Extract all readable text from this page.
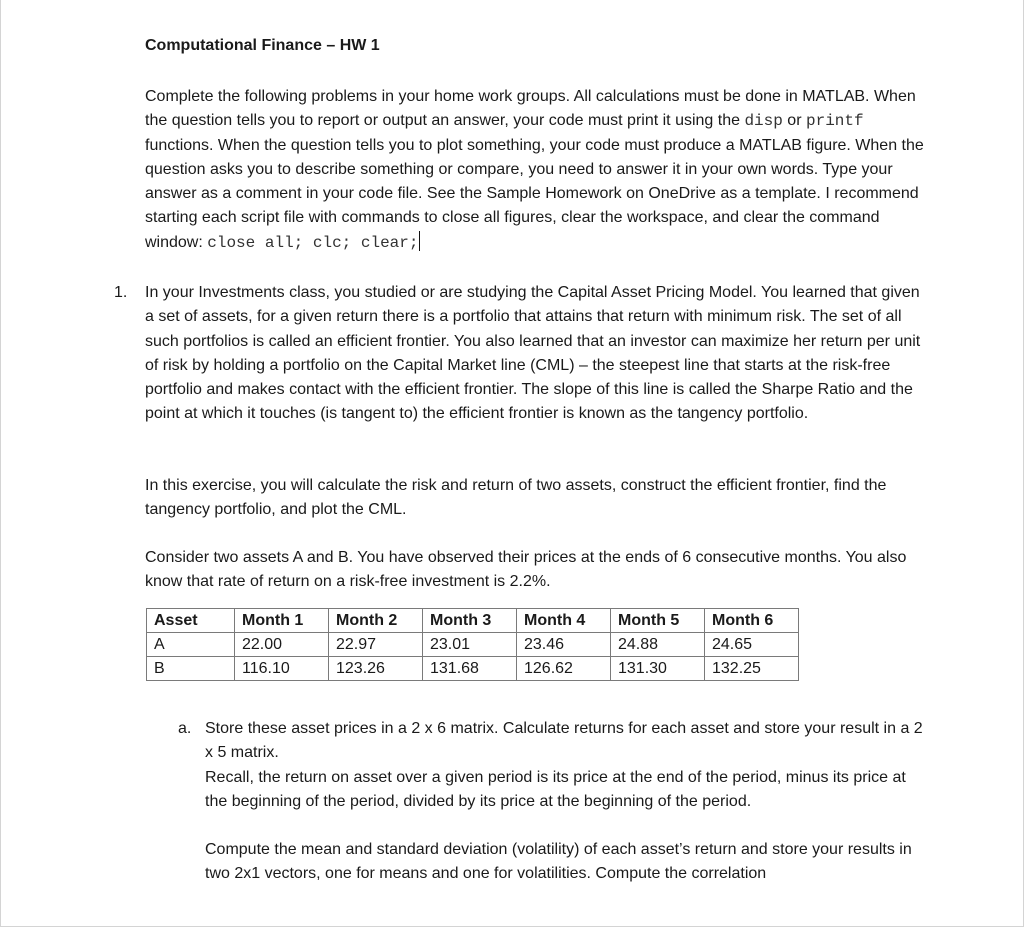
Computational Finance – HW 1

Complete the following problems in your home work groups. All calculations must be done in MATLAB. When the question tells you to report or output an answer, your code must print it using the disp or printf functions. When the question tells you to plot something, your code must produce a MATLAB figure. When the question asks you to describe something or compare, you need to answer it in your own words. Type your answer as a comment in your code file. See the Sample Homework on OneDrive as a template. I recommend starting each script file with commands to close all figures, clear the workspace, and clear the command window: close all; clc; clear;

1. In your Investments class, you studied or are studying the Capital Asset Pricing Model. You learned that given a set of assets, for a given return there is a portfolio that attains that return with minimum risk. The set of all such portfolios is called an efficient frontier. You also learned that an investor can maximize her return per unit of risk by holding a portfolio on the Capital Market line (CML) – the steepest line that starts at the risk-free portfolio and makes contact with the efficient frontier. The slope of this line is called the Sharpe Ratio and the point at which it touches (is tangent to) the efficient frontier is known as the tangency portfolio.

In this exercise, you will calculate the risk and return of two assets, construct the efficient frontier, find the tangency portfolio, and plot the CML.

Consider two assets A and B. You have observed their prices at the ends of 6 consecutive months. You also know that rate of return on a risk-free investment is 2.2%.

Asset	Month 1	Month 2	Month 3	Month 4	Month 5	Month 6
A	22.00	22.97	23.01	23.46	24.88	24.65
B	116.10	123.26	131.68	126.62	131.30	132.25
a. Store these asset prices in a 2 x 6 matrix. Calculate returns for each asset and store your result in a 2 x 5 matrix.

Recall, the return on asset over a given period is its price at the end of the period, minus its price at the beginning of the period, divided by its price at the beginning of the period.

Compute the mean and standard deviation (volatility) of each asset’s return and store your results in two 2x1 vectors, one for means and one for volatilities. Compute the correlation
